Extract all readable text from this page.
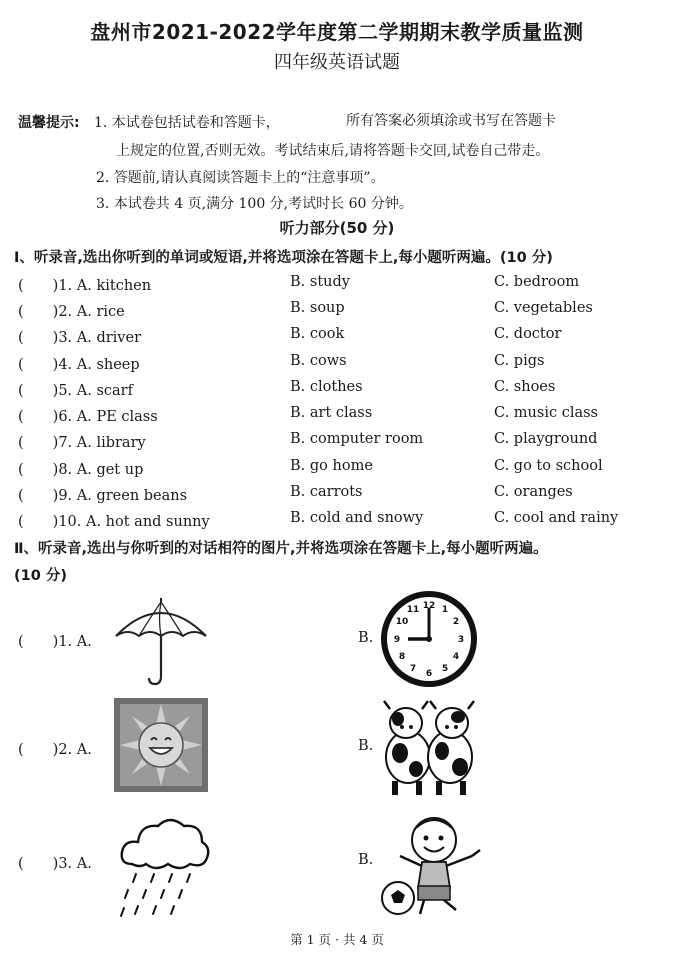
盘州市2021-2022学年度第二学期期末教学质量监测
四年级英语试题
温馨提示: 1. 本试卷包括试卷和答题卡，	所有答案必须填涂或书写在答题卡
上规定的位置,否则无效。考试结束后,请将答题卡交回,试卷自己带走。
2. 答题前,请认真阅读答题卡上的“注意事项”。
3. 本试卷共 4 页,满分 100 分,考试时长 60 分钟。
听力部分(50 分)
Ⅰ、听录音,选出你听到的单词或短语,并将选项涂在答题卡上,每小题听两遍。(10 分)
(　　)1. A. kitchen	B. study	C. bedroom
(　　)2. A. rice	B. soup	C. vegetables
(　　)3. A. driver	B. cook	C. doctor
(　　)4. A. sheep	B. cows	C. pigs
(　　)5. A. scarf	B. clothes	C. shoes
(　　)6. A. PE class	B. art class	C. music class
(　　)7. A. library	B. computer room	C. playground
(　　)8. A. get up	B. go home	C. go to school
(　　)9. A. green beans	B. carrots	C. oranges
(　　)10. A. hot and sunny	B. cold and snowy	C. cool and rainy
Ⅱ、听录音,选出与你听到的对话相符的图片,并将选项涂在答题卡上,每小题听两遍。
(10 分)
(　　)1. A.	B.
12 1
2
3
4
5
6
7
8
9
10
11
(　　)2. A.	B.
(　　)3. A.	B.
第 1 页 · 共 4 页
